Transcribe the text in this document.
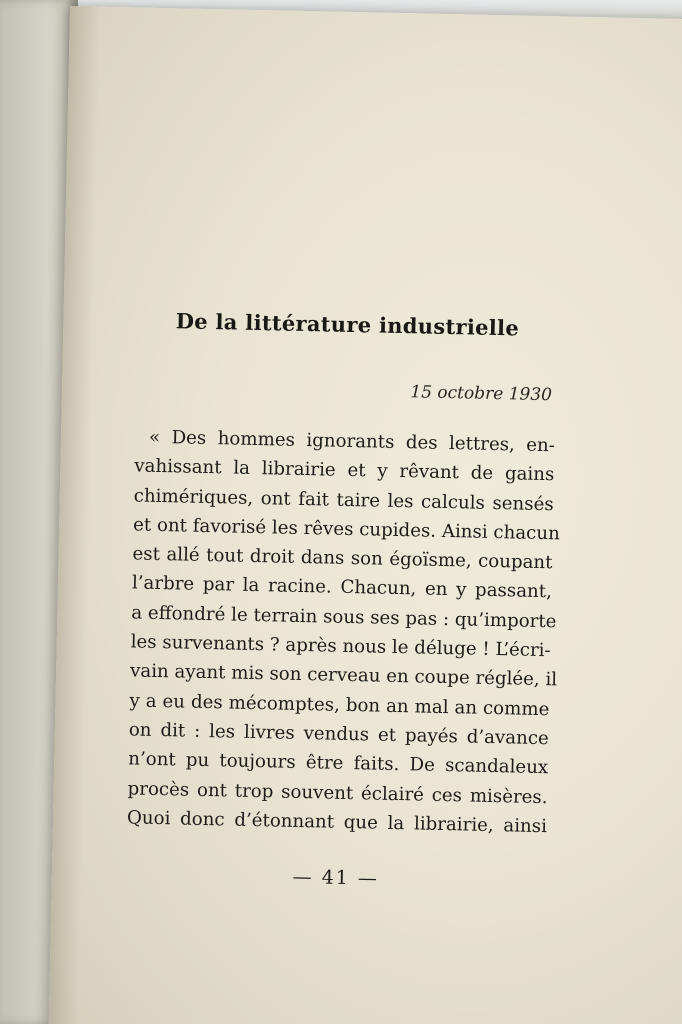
De la littérature industrielle
15 octobre 1930
« Des hommes ignorants des lettres, en-
vahissant la librairie et y rêvant de gains
chimériques, ont fait taire les calculs sensés
et ont favorisé les rêves cupides. Ainsi chacun
est allé tout droit dans son égoïsme, coupant
l’arbre par la racine. Chacun, en y passant,
a effondré le terrain sous ses pas : qu’importe
les survenants ? après nous le déluge ! L’écri-
vain ayant mis son cerveau en coupe réglée, il
y a eu des mécomptes, bon an mal an comme
on dit : les livres vendus et payés d’avance
n’ont pu toujours être faits. De scandaleux
procès ont trop souvent éclairé ces misères.
Quoi donc d’étonnant que la librairie, ainsi
— 41 —
